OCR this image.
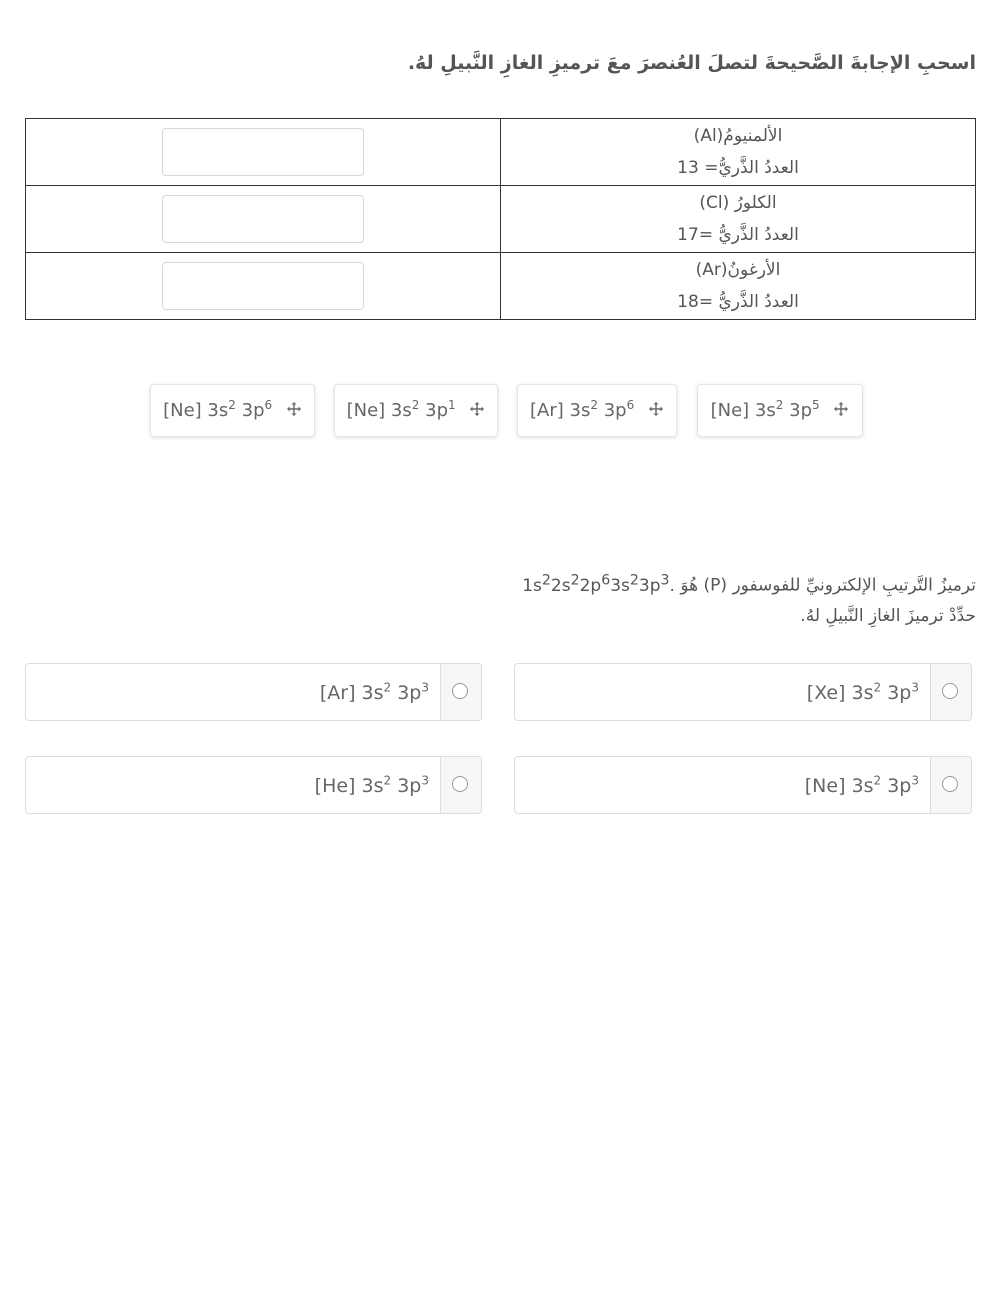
اسحبِ الإجابةَ الصَّحيحةَ لتصلَ العُنصرَ معَ ترميزِ الغازِ النَّبيلِ لهُ.

	الألمنيومُ(Al)
العددُ الذَّريُّ= 13

	الكلورُ (Cl)
العددُ الذَّريُّ =17

	الأرغونُ(Ar)
العددُ الذَّريُّ =18
[Ne] $3s^2$ $3p^6$	[Ne] $3s^2$ $3p^1$	[Ar] $3s^2$ $3p^6$	[Ne] $3s^2$ $3p^5$
ترميزُ التَّرتيبِ الإلكترونيِّ للفوسفور (P) هُوَ $1s^22s^22p^63s^23p^3$.
حدِّدْ ترميزَ الغازِ النَّبيلِ لهُ.
[Xe] $3s^2$ $3p^3$
[Ar] $3s^2$ $3p^3$
[Ne] $3s^2$ $3p^3$
[He] $3s^2$ $3p^3$
